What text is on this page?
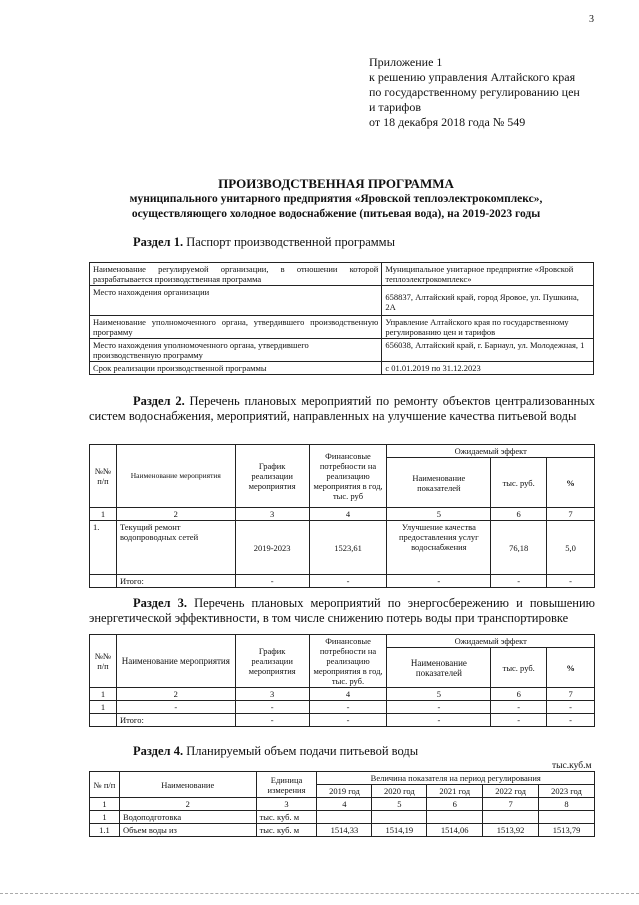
3
Приложение 1
к решению управления Алтайского края
по государственному регулированию цен
и тарифов
от 18 декабря 2018 года № 549
ПРОИЗВОДСТВЕННАЯ ПРОГРАММА
муниципального унитарного предприятия «Яровской теплоэлектрокомплекс»,
осуществляющего холодное водоснабжение (питьевая вода), на 2019-2023 годы
Раздел 1. Паспорт производственной программы
Наименование регулируемой организации, в отношении которой разрабатывается производственная программа	Муниципальное унитарное предприятие «Яровской теплоэлектрокомплекс»
Место нахождения организации	658837, Алтайский край, город Яровое, ул. Пушкина, 2А
Наименование уполномоченного органа, утвердившего производственную программу	Управление Алтайского края по государственному регулированию цен и тарифов
Место нахождения уполномоченного органа, утвердившего производственную программу	656038, Алтайский край, г. Барнаул, ул. Молодежная, 1
Срок реализации производственной программы	с 01.01.2019 по 31.12.2023
Раздел 2. Перечень плановых мероприятий по ремонту объектов централизованных систем водоснабжения, мероприятий, направленных на улучшение качества питьевой воды
№№ п/п	Наименование мероприятия	График реализации мероприятия	Финансовые потребности на реализацию мероприятия в год, тыс. руб	Ожидаемый эффект		
				Наименование показателей	тыс. руб.	%
1	2	3	4	5	6	7
1.	Текущий ремонт водопроводных сетей	2019-2023	1523,61	Улучшение качества предоставления услуг водоснабжения	76,18	5,0
	Итого:	-	-	-	-	-
Раздел 3. Перечень плановых мероприятий по энергосбережению и повышению энергетической эффективности, в том числе снижению потерь воды при транспортировке
№№ п/п	Наименование мероприятия	График реализации мероприятия	Финансовые потребности на реализацию мероприятия в год, тыс. руб.	Ожидаемый эффект		
				Наименование показателей	тыс. руб.	%
1	2	3	4	5	6	7
1	-	-	-	-	-	-
	Итого:	-	-	-	-	-
Раздел 4. Планируемый объем подачи питьевой воды
тыс.куб.м
№ п/п	Наименование	Единица измерения	Величина показателя на период регулирования				
			2019 год	2020 год	2021 год	2022 год	2023 год
1	2	3	4	5	6	7	8
1	Водоподготовка	тыс. куб. м					
1.1	Объем воды из	тыс. куб. м	1514,33	1514,19	1514,06	1513,92	1513,79
